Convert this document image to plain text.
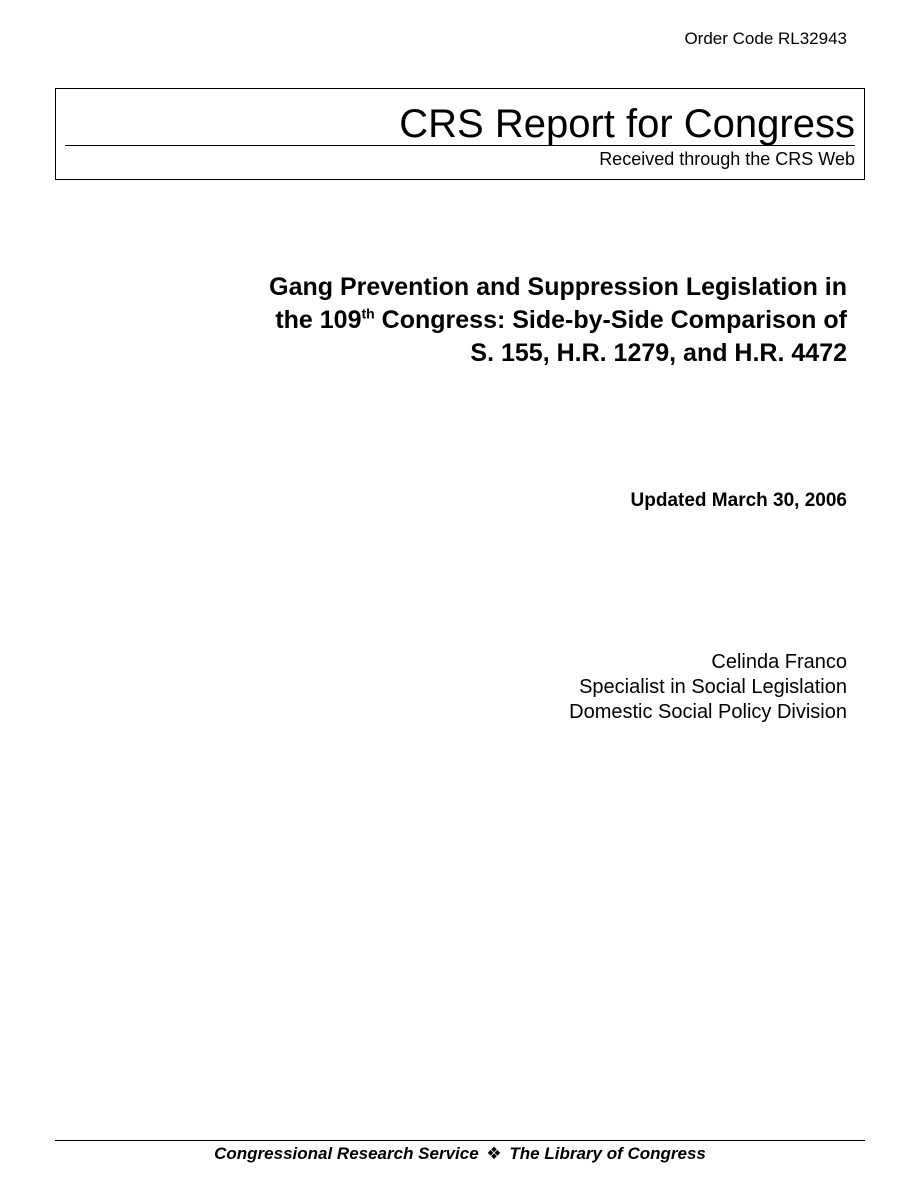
Order Code RL32943
CRS Report for Congress
Received through the CRS Web
Gang Prevention and Suppression Legislation in
the 109th Congress: Side-by-Side Comparison of
S. 155, H.R. 1279, and H.R. 4472
Updated March 30, 2006
Celinda Franco
Specialist in Social Legislation
Domestic Social Policy Division
Congressional Research Service ❖ The Library of Congress
